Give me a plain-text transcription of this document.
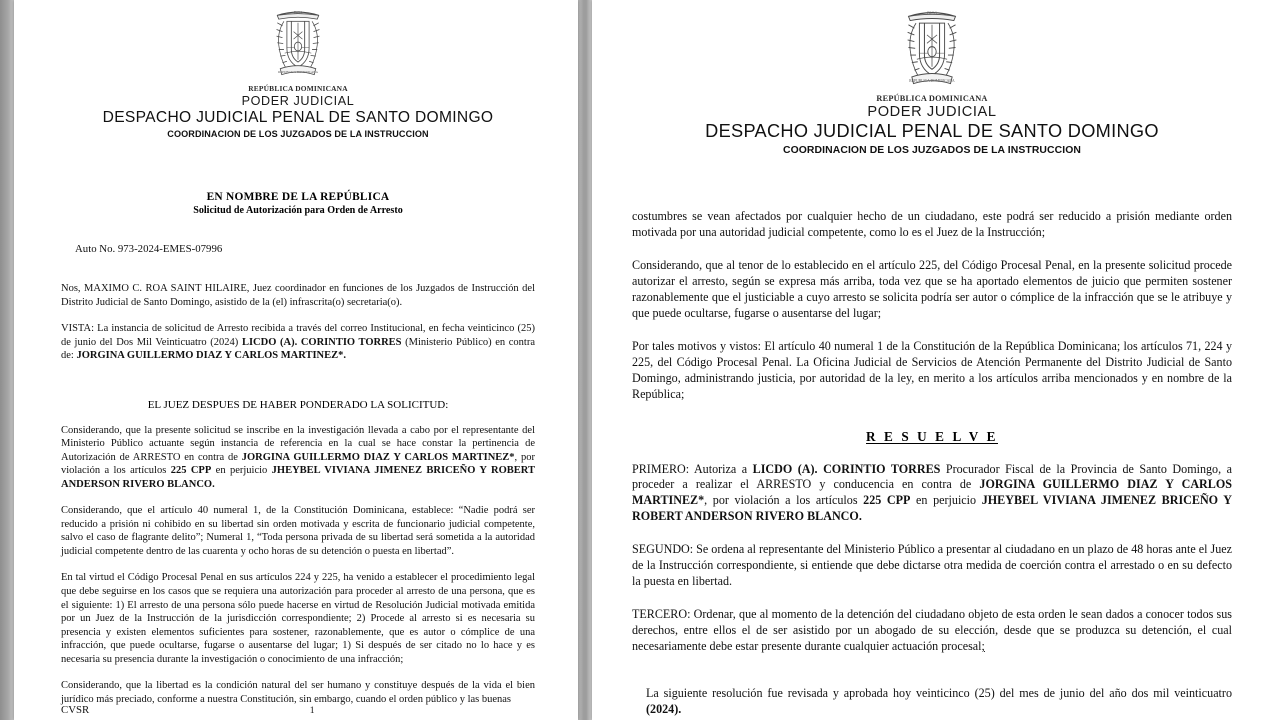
DIOS
REPUBLICA DOMINICANA
REPÚBLICA DOMINICANA
PODER JUDICIAL
DESPACHO JUDICIAL PENAL DE SANTO DOMINGO
COORDINACION DE LOS JUZGADOS DE LA INSTRUCCION
EN NOMBRE DE LA REPÚBLICA
Solicitud de Autorización para Orden de Arresto
Auto No. 973-2024-EMES-07996

Nos, MAXIMO C. ROA SAINT HILAIRE, Juez coordinador en funciones de los Juzgados de Instrucción del Distrito Judicial de Santo Domingo, asistido de la (el) infrascrita(o) secretaria(o).

VISTA: La instancia de solicitud de Arresto recibida a través del correo Institucional, en fecha veinticinco (25) de junio del Dos Mil Veinticuatro (2024) LICDO (A). CORINTIO TORRES (Ministerio Público) en contra de: JORGINA GUILLERMO DIAZ Y CARLOS MARTINEZ*.

EL JUEZ DESPUES DE HABER PONDERADO LA SOLICITUD:

Considerando, que la presente solicitud se inscribe en la investigación llevada a cabo por el representante del Ministerio Público actuante según instancia de referencia en la cual se hace constar la pertinencia de Autorización de ARRESTO en contra de JORGINA GUILLERMO DIAZ Y CARLOS MARTINEZ*, por violación a los artículos 225 CPP en perjuicio JHEYBEL VIVIANA JIMENEZ BRICEÑO Y ROBERT ANDERSON RIVERO BLANCO.

Considerando, que el artículo 40 numeral 1, de la Constitución Dominicana, establece: “Nadie podrá ser reducido a prisión ni cohibido en su libertad sin orden motivada y escrita de funcionario judicial competente, salvo el caso de flagrante delito”; Numeral 1, “Toda persona privada de su libertad será sometida a la autoridad judicial competente dentro de las cuarenta y ocho horas de su detención o puesta en libertad”.

En tal virtud el Código Procesal Penal en sus artículos 224 y 225, ha venido a establecer el procedimiento legal que debe seguirse en los casos que se requiera una autorización para proceder al arresto de una persona, que es el siguiente: 1) El arresto de una persona sólo puede hacerse en virtud de Resolución Judicial motivada emitida por un Juez de la Instrucción de la jurisdicción correspondiente; 2) Procede al arresto si es necesaria su presencia y existen elementos suficientes para sostener, razonablemente, que es autor o cómplice de una infracción, que puede ocultarse, fugarse o ausentarse del lugar; 1) Si después de ser citado no lo hace y es necesaria su presencia durante la investigación o conocimiento de una infracción;

Considerando, que la libertad es la condición natural del ser humano y constituye después de la vida el bien jurídico más preciado, conforme a nuestra Constitución, sin embargo, cuando el orden público y las buenas

CVSR	1
DIOS
REPUBLICA DOMINICANA
REPÚBLICA DOMINICANA
PODER JUDICIAL
DESPACHO JUDICIAL PENAL DE SANTO DOMINGO
COORDINACION DE LOS JUZGADOS DE LA INSTRUCCION

costumbres se vean afectados por cualquier hecho de un ciudadano, este podrá ser reducido a prisión mediante orden motivada por una autoridad judicial competente, como lo es el Juez de la Instrucción;

Considerando, que al tenor de lo establecido en el artículo 225, del Código Procesal Penal, en la presente solicitud procede autorizar el arresto, según se expresa más arriba, toda vez que se ha aportado elementos de juicio que permiten sostener razonablemente que el justiciable a cuyo arresto se solicita podría ser autor o cómplice de la infracción que se le atribuye y que puede ocultarse, fugarse o ausentarse del lugar;

Por tales motivos y vistos: El artículo 40 numeral 1 de la Constitución de la República Dominicana; los artículos 71, 224 y 225, del Código Procesal Penal. La Oficina Judicial de Servicios de Atención Permanente del Distrito Judicial de Santo Domingo, administrando justicia, por autoridad de la ley, en merito a los artículos arriba mencionados y en nombre de la República;

R E S U E L V E

PRIMERO: Autoriza a LICDO (A). CORINTIO TORRES Procurador Fiscal de la Provincia de Santo Domingo, a proceder a realizar el ARRESTO y conducencia en contra de JORGINA GUILLERMO DIAZ Y CARLOS MARTINEZ*, por violación a los artículos 225 CPP en perjuicio JHEYBEL VIVIANA JIMENEZ BRICEÑO Y ROBERT ANDERSON RIVERO BLANCO.

SEGUNDO: Se ordena al representante del Ministerio Público a presentar al ciudadano en un plazo de 48 horas ante el Juez de la Instrucción correspondiente, si entiende que debe dictarse otra medida de coerción contra el arrestado o en su defecto la puesta en libertad.

TERCERO: Ordenar, que al momento de la detención del ciudadano objeto de esta orden le sean dados a conocer todos sus derechos, entre ellos el de ser asistido por un abogado de su elección, desde que se produzca su detención, el cual necesariamente debe estar presente durante cualquier actuación procesal;

La siguiente resolución fue revisada y aprobada hoy veinticinco (25) del mes de junio del año dos mil veinticuatro (2024).
